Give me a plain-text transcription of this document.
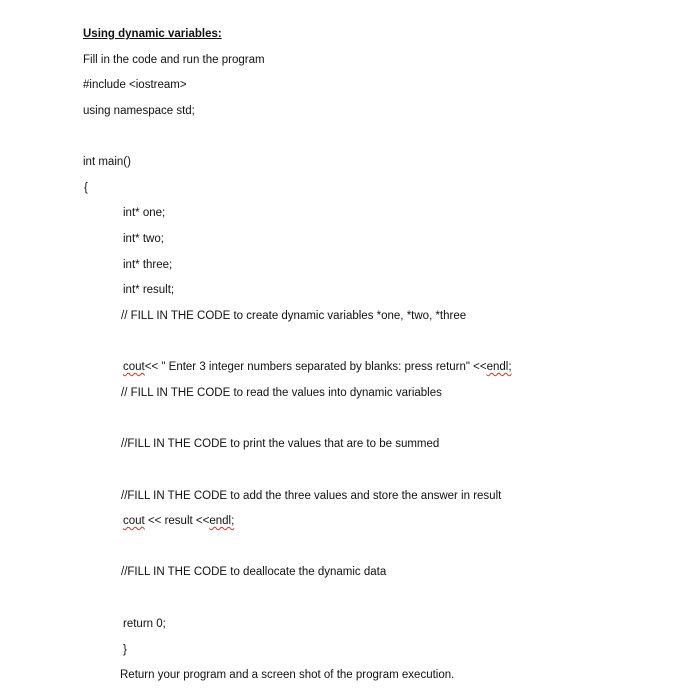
Using dynamic variables:
Fill in the code and run the program
#include <iostream>
using namespace std;
int main()
{
int* one;
int* two;
int* three;
int* result;
// FILL IN THE CODE to create dynamic variables *one, *two, *three
cout<< " Enter 3 integer numbers separated by blanks: press return" <<endl;
// FILL IN THE CODE to read the values into dynamic variables
//FILL IN THE CODE to print the values that are to be summed
//FILL IN THE CODE to add the three values and store the answer in result
cout << result <<endl;
//FILL IN THE CODE to deallocate the dynamic data
return 0;
}
Return your program and a screen shot of the program execution.
